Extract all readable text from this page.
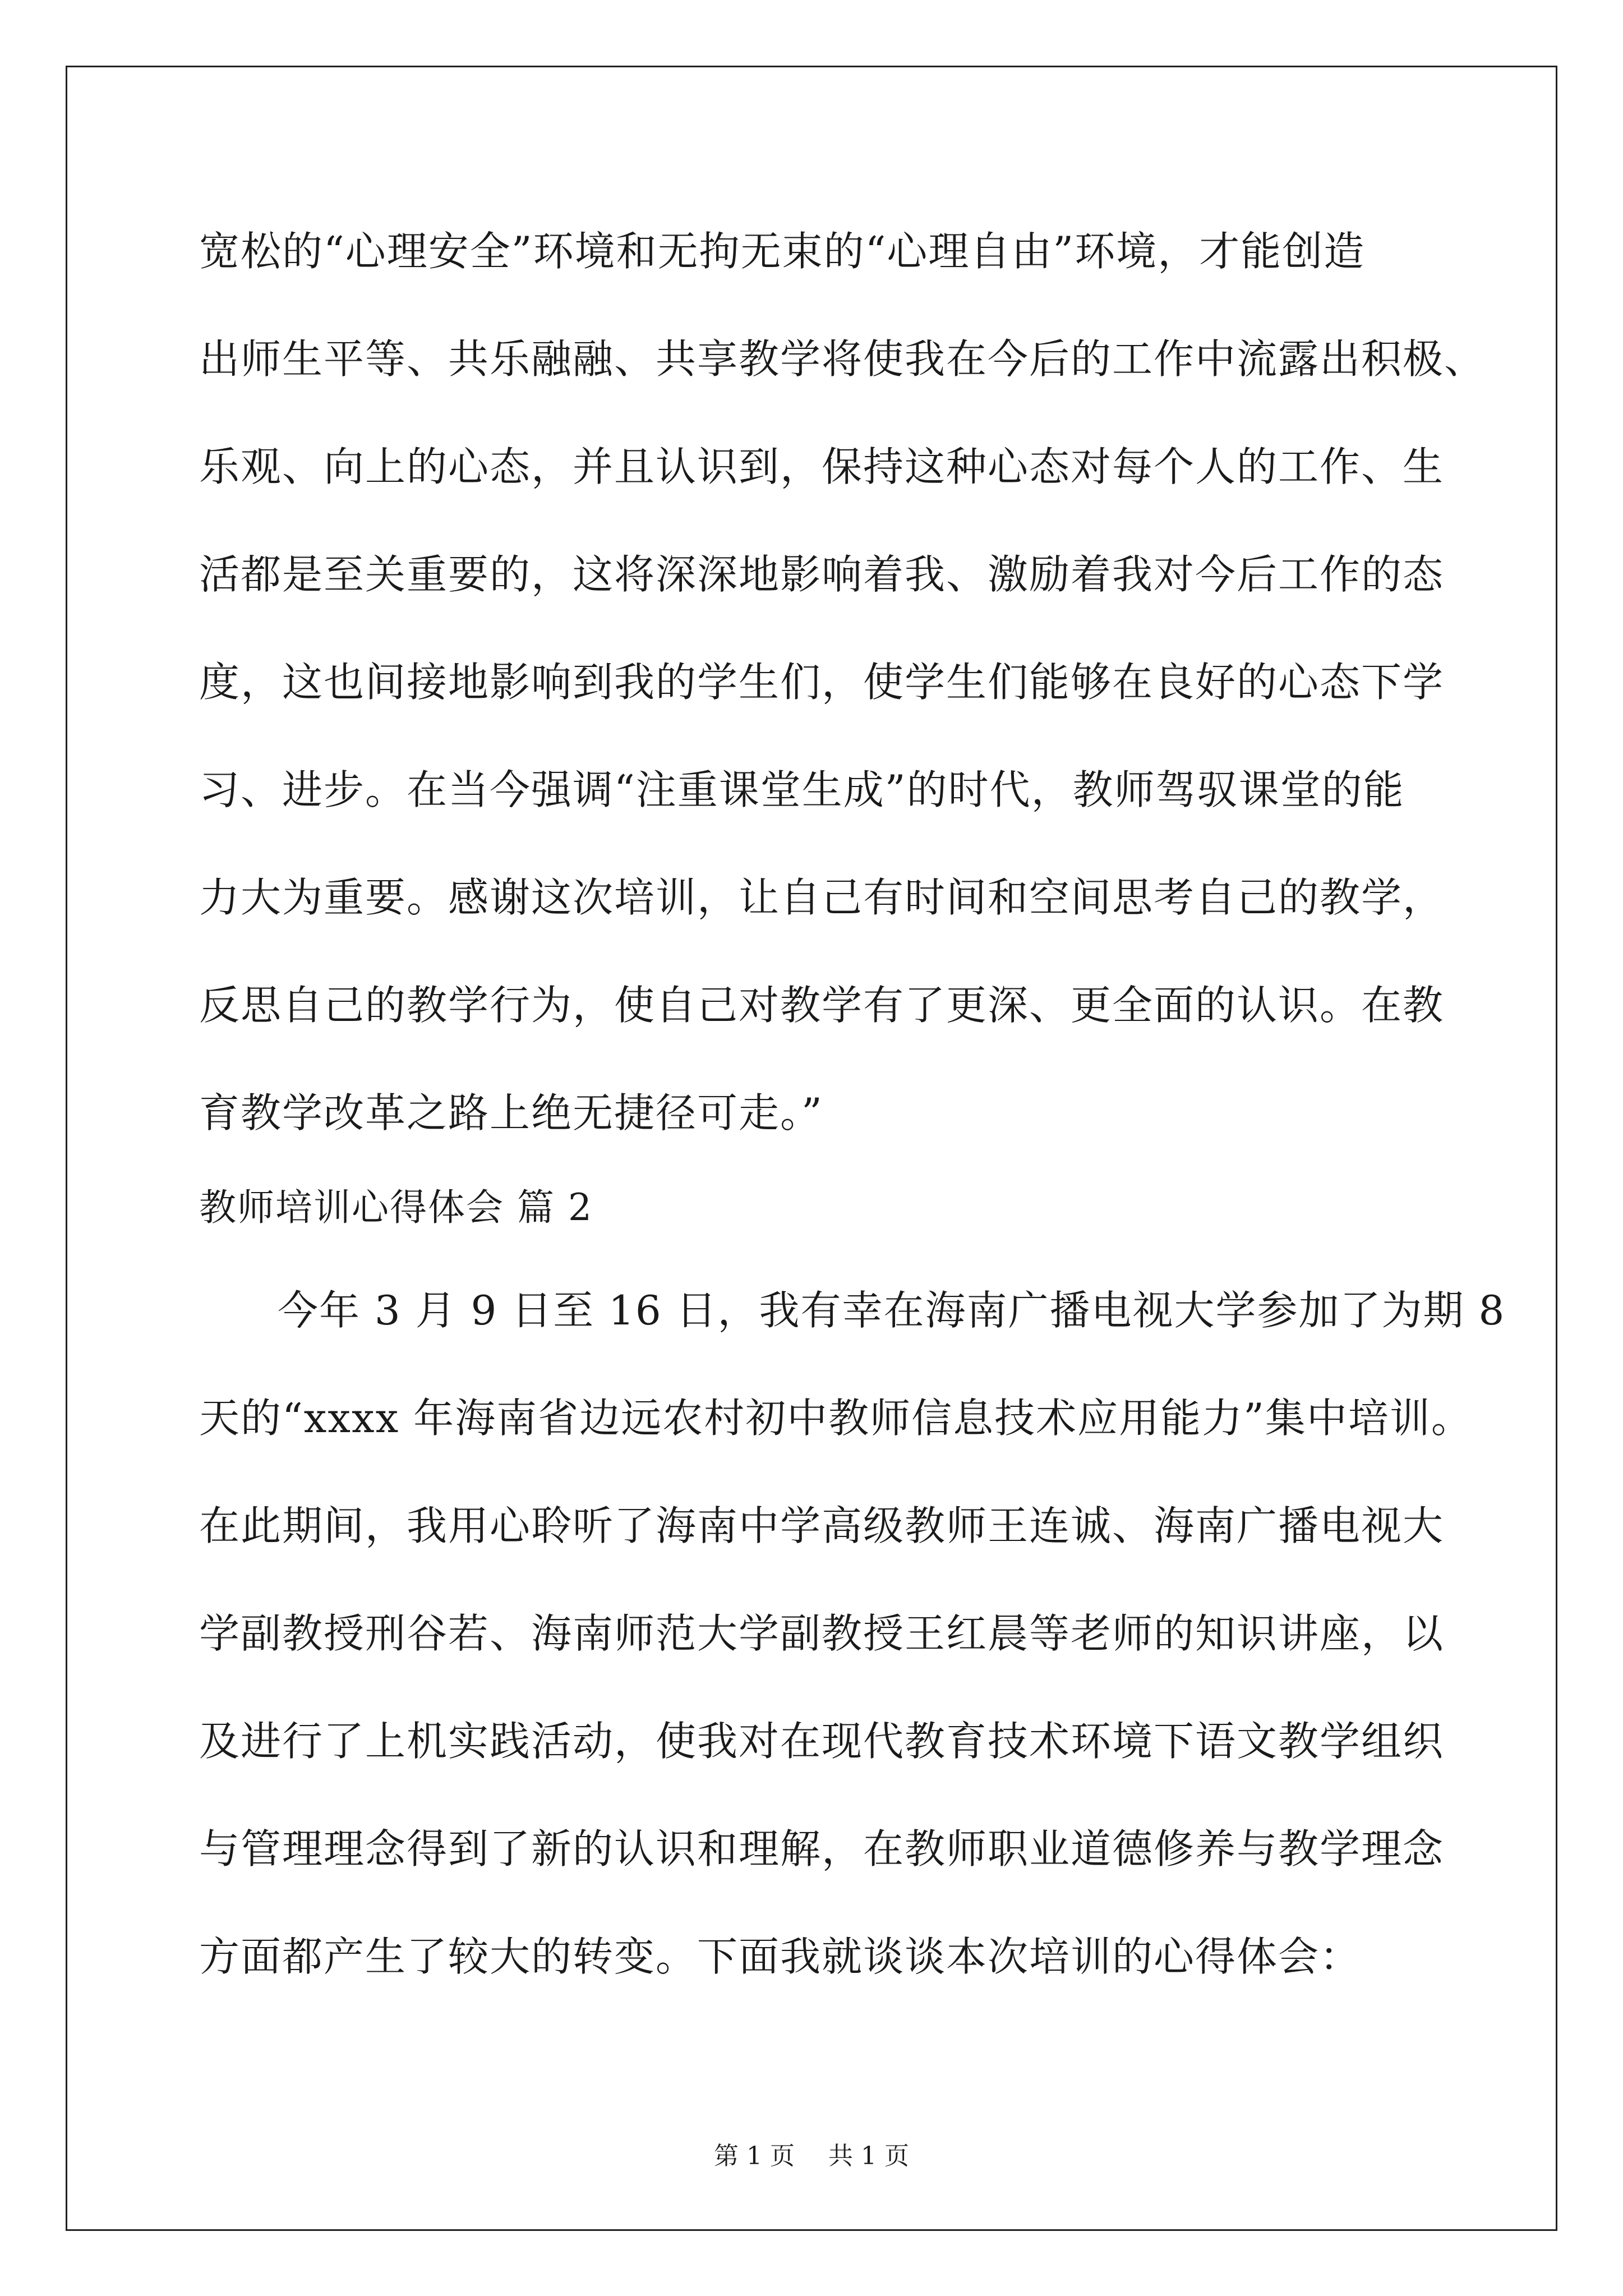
宽松的“心理安全”环境和无拘无束的“心理自由”环境，才能创造
出师生平等、共乐融融、共享教学将使我在今后的工作中流露出积极、
乐观、向上的心态，并且认识到，保持这种心态对每个人的工作、生
活都是至关重要的，这将深深地影响着我、激励着我对今后工作的态
度，这也间接地影响到我的学生们，使学生们能够在良好的心态下学
习、进步。在当今强调“注重课堂生成”的时代，教师驾驭课堂的能
力大为重要。感谢这次培训，让自己有时间和空间思考自己的教学，
反思自己的教学行为，使自己对教学有了更深、更全面的认识。在教
育教学改革之路上绝无捷径可走。”
教师培训心得体会 篇 2
今年 3 月 9 日至 16 日，我有幸在海南广播电视大学参加了为期 8
天的“xxxx 年海南省边远农村初中教师信息技术应用能力”集中培训。
在此期间，我用心聆听了海南中学高级教师王连诚、海南广播电视大
学副教授刑谷若、海南师范大学副教授王红晨等老师的知识讲座，以
及进行了上机实践活动，使我对在现代教育技术环境下语文教学组织
与管理理念得到了新的认识和理解，在教师职业道德修养与教学理念
方面都产生了较大的转变。下面我就谈谈本次培训的心得体会：
第 1 页 共 1 页
